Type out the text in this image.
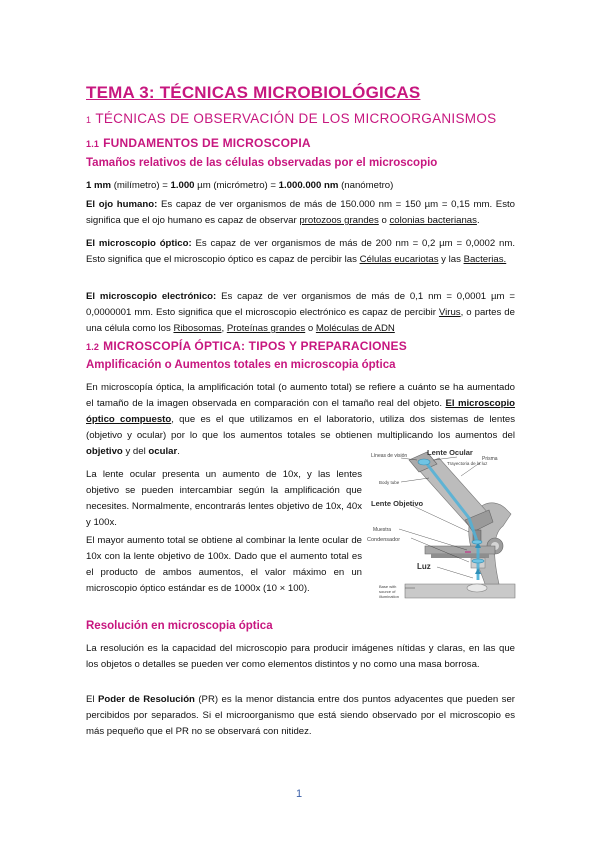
TEMA 3: TÉCNICAS MICROBIOLÓGICAS
1 TÉCNICAS DE OBSERVACIÓN DE LOS MICROORGANISMOS
1.1 FUNDAMENTOS DE MICROSCOPIA
Tamaños relativos de las células observadas por el microscopio
1 mm (milímetro) = 1.000 µm (micrómetro) = 1.000.000 nm (nanómetro)
El ojo humano: Es capaz de ver organismos de más de 150.000 nm = 150 µm = 0,15 mm. Esto significa que el ojo humano es capaz de observar protozoos grandes o colonias bacterianas.
El microscopio óptico: Es capaz de ver organismos de más de 200 nm = 0,2 µm = 0,0002 nm. Esto significa que el microscopio óptico es capaz de percibir las Células eucariotas y las Bacterias.
El microscopio electrónico: Es capaz de ver organismos de más de 0,1 nm = 0,0001 µm = 0,0000001 mm. Esto significa que el microscopio electrónico es capaz de percibir Virus, o partes de una célula como los Ribosomas, Proteínas grandes o Moléculas de ADN
1.2 MICROSCOPÍA ÓPTICA: TIPOS Y PREPARACIONES
Amplificación o Aumentos totales en microscopia óptica
En microscopía óptica, la amplificación total (o aumento total) se refiere a cuánto se ha aumentado el tamaño de la imagen observada en comparación con el tamaño real del objeto. El microscopio óptico compuesto, que es el que utilizamos en el laboratorio, utiliza dos sistemas de lentes (objetivo y ocular) por lo que los aumentos totales se obtienen multiplicando los aumentos del objetivo y del ocular.
La lente ocular presenta un aumento de 10x, y las lentes objetivo se pueden intercambiar según la amplificación que necesites. Normalmente, encontrarás lentes objetivo de 10x, 40x y 100x.
El mayor aumento total se obtiene al combinar la lente ocular de 10x con la lente objetivo de 100x. Dado que el aumento total es el producto de ambos aumentos, el valor máximo en un microscopio óptico estándar es de 1000x (10 × 100).
Líneas de visión	Lente Ocular
Prisma
Trayectoria de la luz
Body tube
Lente Objetivo
Muestra
Condensador
Luz
Base with
source of
illumination
Resolución en microscopia óptica
La resolución es la capacidad del microscopio para producir imágenes nítidas y claras, en las que los objetos o detalles se pueden ver como elementos distintos y no como una masa borrosa.
El Poder de Resolución (PR) es la menor distancia entre dos puntos adyacentes que pueden ser percibidos por separados. Si el microorganismo que está siendo observado por el microscopio es más pequeño que el PR no se observará con nitidez.
1
